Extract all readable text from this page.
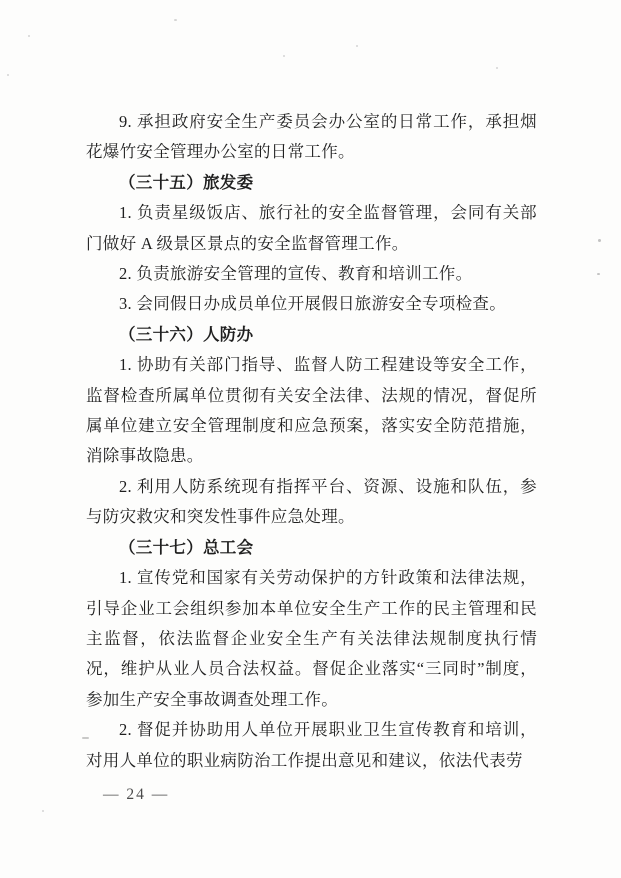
9. 承担政府安全生产委员会办公室的日常工作，承担烟花爆竹安全管理办公室的日常工作。

（三十五）旅发委

1. 负责星级饭店、旅行社的安全监督管理，会同有关部门做好 A 级景区景点的安全监督管理工作。

2. 负责旅游安全管理的宣传、教育和培训工作。

3. 会同假日办成员单位开展假日旅游安全专项检查。

（三十六）人防办

1. 协助有关部门指导、监督人防工程建设等安全工作，监督检查所属单位贯彻有关安全法律、法规的情况，督促所属单位建立安全管理制度和应急预案，落实安全防范措施，消除事故隐患。

2. 利用人防系统现有指挥平台、资源、设施和队伍，参与防灾救灾和突发性事件应急处理。

（三十七）总工会

1. 宣传党和国家有关劳动保护的方针政策和法律法规，引导企业工会组织参加本单位安全生产工作的民主管理和民主监督，依法监督企业安全生产有关法律法规制度执行情况，维护从业人员合法权益。督促企业落实“三同时”制度，参加生产安全事故调查处理工作。

2. 督促并协助用人单位开展职业卫生宣传教育和培训，对用人单位的职业病防治工作提出意见和建议，依法代表劳

— 24 —
